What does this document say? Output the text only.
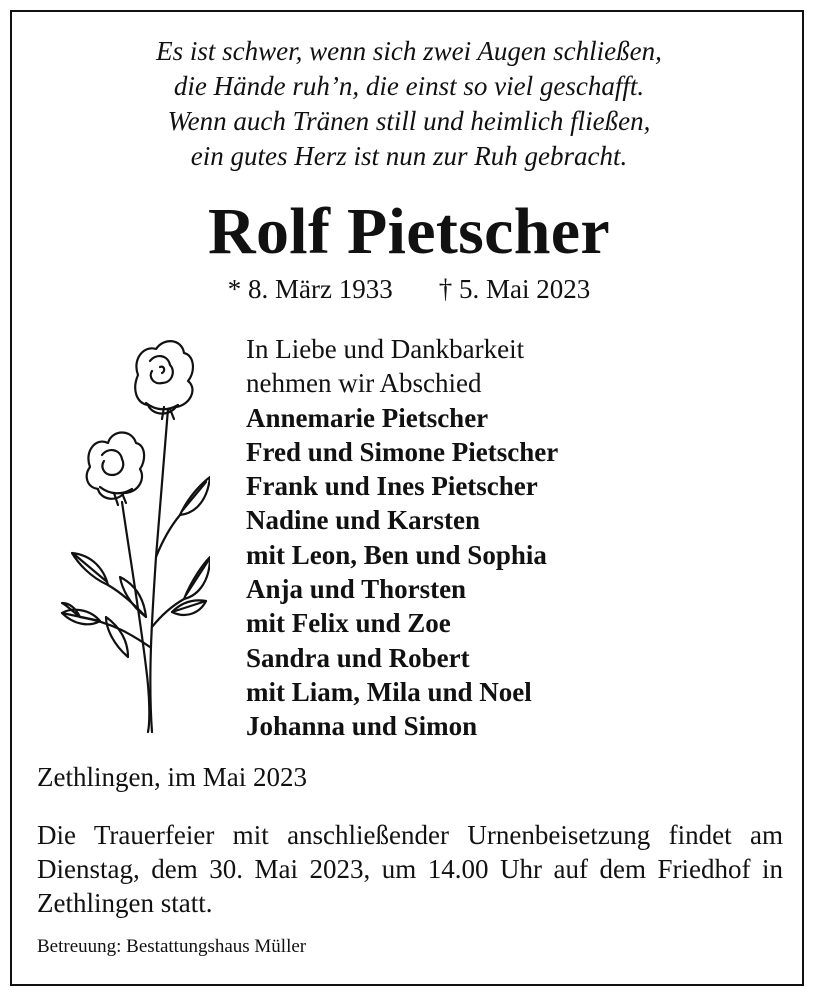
Es ist schwer, wenn sich zwei Augen schließen,
die Hände ruh’n, die einst so viel geschafft.
Wenn auch Tränen still und heimlich fließen,
ein gutes Herz ist nun zur Ruh gebracht.
Rolf Pietscher
* 8. März 1933 † 5. Mai 2023
In Liebe und Dankbarkeit
nehmen wir Abschied
Annemarie Pietscher
Fred und Simone Pietscher
Frank und Ines Pietscher
Nadine und Karsten
mit Leon, Ben und Sophia
Anja und Thorsten
mit Felix und Zoe
Sandra und Robert
mit Liam, Mila und Noel
Johanna und Simon
Zethlingen, im Mai 2023

Die Trauerfeier mit anschließender Urnenbeisetzung findet am Dienstag, dem 30. Mai 2023, um 14.00 Uhr auf dem Friedhof in Zethlingen statt.

Betreuung: Bestattungshaus Müller
